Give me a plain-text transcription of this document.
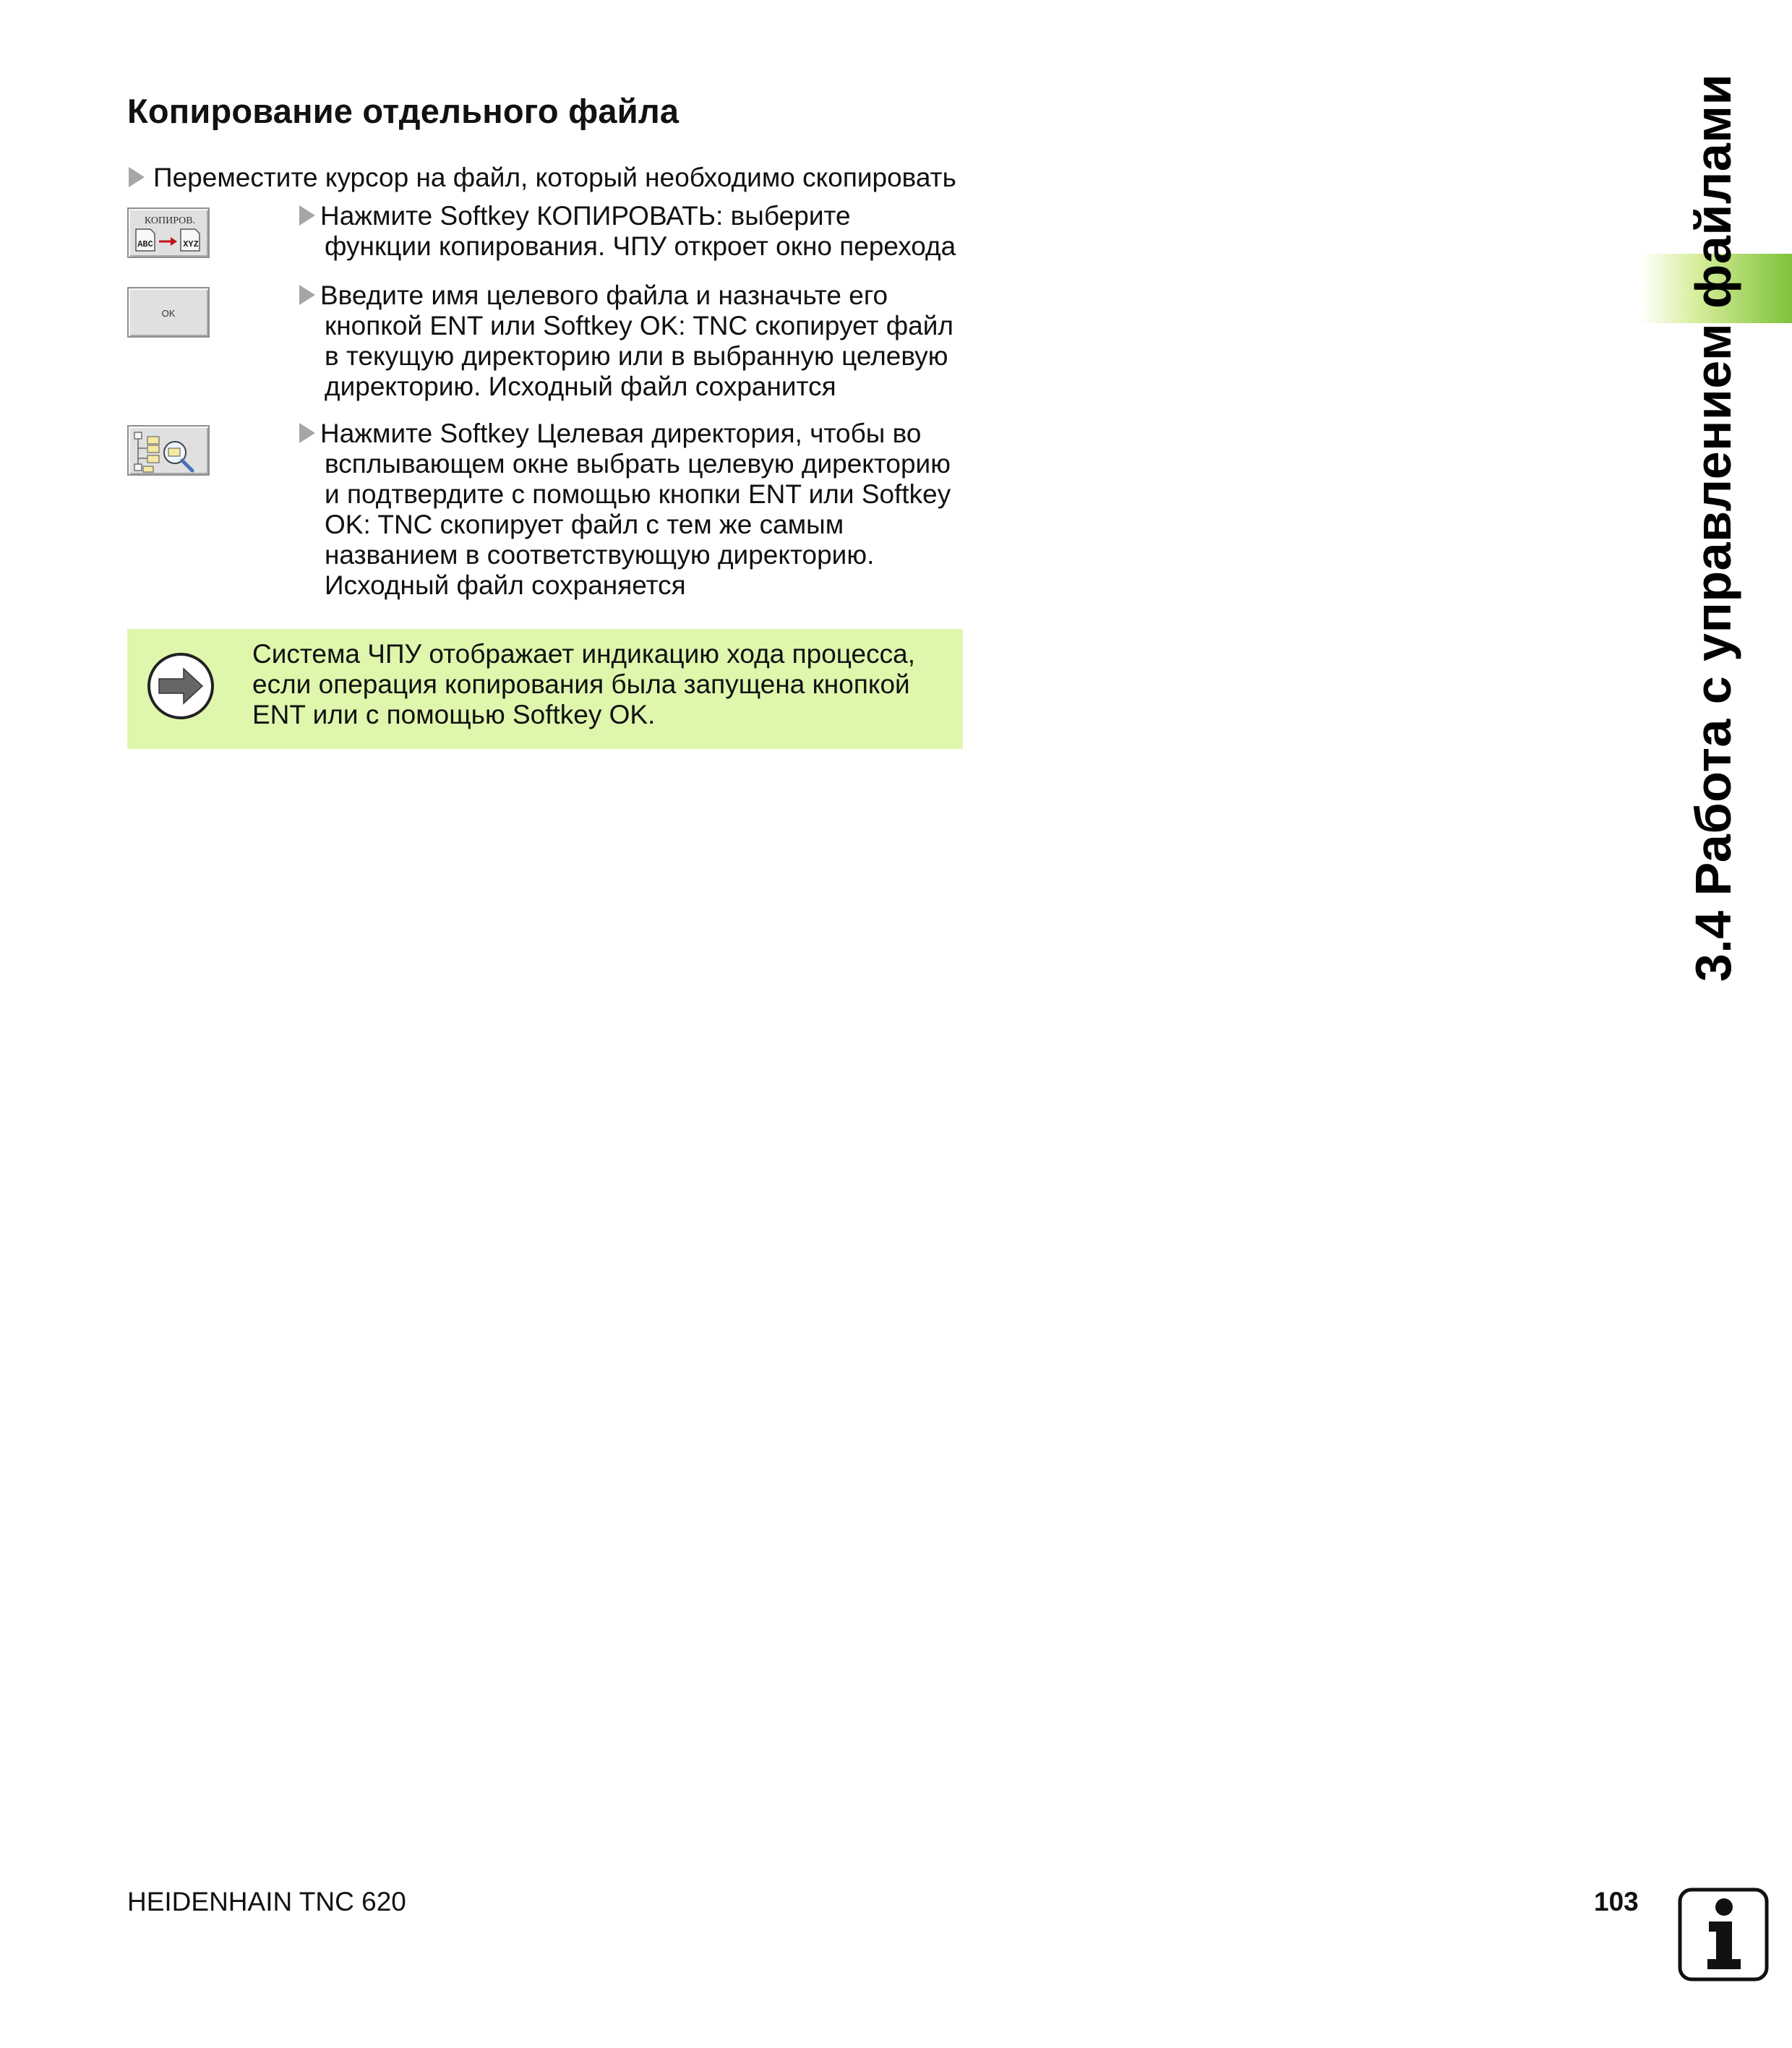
Копирование отдельного файла
Переместите курсор на файл, который необходимо скопировать
КОПИРОВ.
ABC	XYZ
Нажмите Softkey КОПИРОВАТЬ: выберите
функции копирования. ЧПУ откроет окно перехода
OK
Введите имя целевого файла и назначьте его
кнопкой ENT или Softkey OK: TNC скопирует файл
в текущую директорию или в выбранную целевую
директорию. Исходный файл сохранится
Нажмите Softkey Целевая директория, чтобы во
всплывающем окне выбрать целевую директорию
и подтвердите с помощью кнопки ENT или Softkey
OK: TNC скопирует файл с тем же самым
названием в соответствующую директорию.
Исходный файл сохраняется
Система ЧПУ отображает индикацию хода процесса,
если операция копирования была запущена кнопкой
ENT или с помощью Softkey OK.	3.4 Работа с управлением файлами
HEIDENHAIN TNC 620	103
